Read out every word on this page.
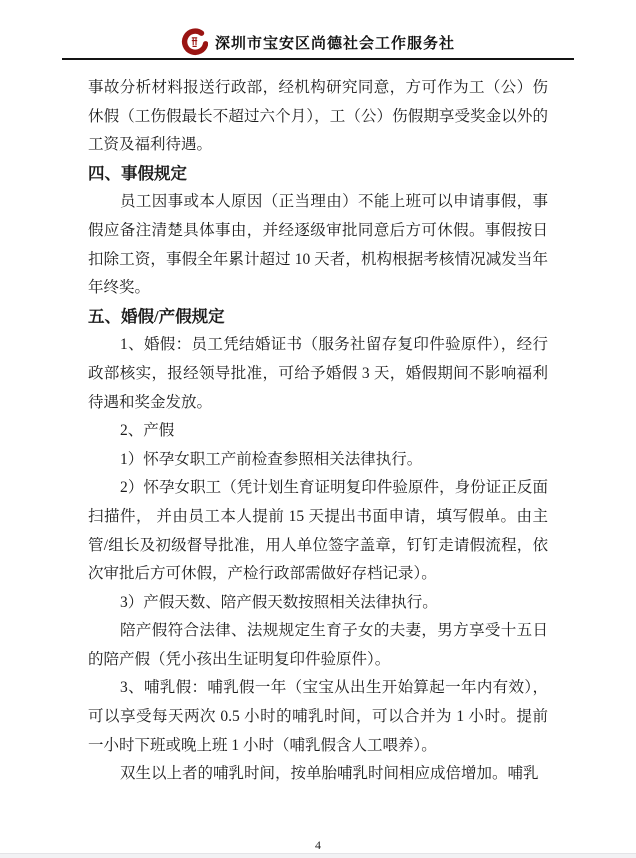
深圳市宝安区尚德社会工作服务社
事故分析材料报送行政部，经机构研究同意，方可作为工（公）伤休假（工伤假最长不超过六个月），工（公）伤假期享受奖金以外的工资及福利待遇。
四、事假规定
员工因事或本人原因（正当理由）不能上班可以申请事假，事假应备注清楚具体事由，并经逐级审批同意后方可休假。事假按日扣除工资，事假全年累计超过 10 天者，机构根据考核情况减发当年年终奖。
五、婚假/产假规定
1、婚假：员工凭结婚证书（服务社留存复印件验原件），经行政部核实，报经领导批准，可给予婚假 3 天，婚假期间不影响福利待遇和奖金发放。
2、产假
1）怀孕女职工产前检查参照相关法律执行。
2）怀孕女职工（凭计划生育证明复印件验原件，身份证正反面扫描件， 并由员工本人提前 15 天提出书面申请，填写假单。由主管/组长及初级督导批准，用人单位签字盖章，钉钉走请假流程，依次审批后方可休假，产检行政部需做好存档记录）。
3）产假天数、陪产假天数按照相关法律执行。
陪产假符合法律、法规规定生育子女的夫妻，男方享受十五日的陪产假（凭小孩出生证明复印件验原件）。
3、哺乳假：哺乳假一年（宝宝从出生开始算起一年内有效），可以享受每天两次 0.5 小时的哺乳时间，可以合并为 1 小时。提前一小时下班或晚上班 1 小时（哺乳假含人工喂养）。
双生以上者的哺乳时间，按单胎哺乳时间相应成倍增加。哺乳
4
